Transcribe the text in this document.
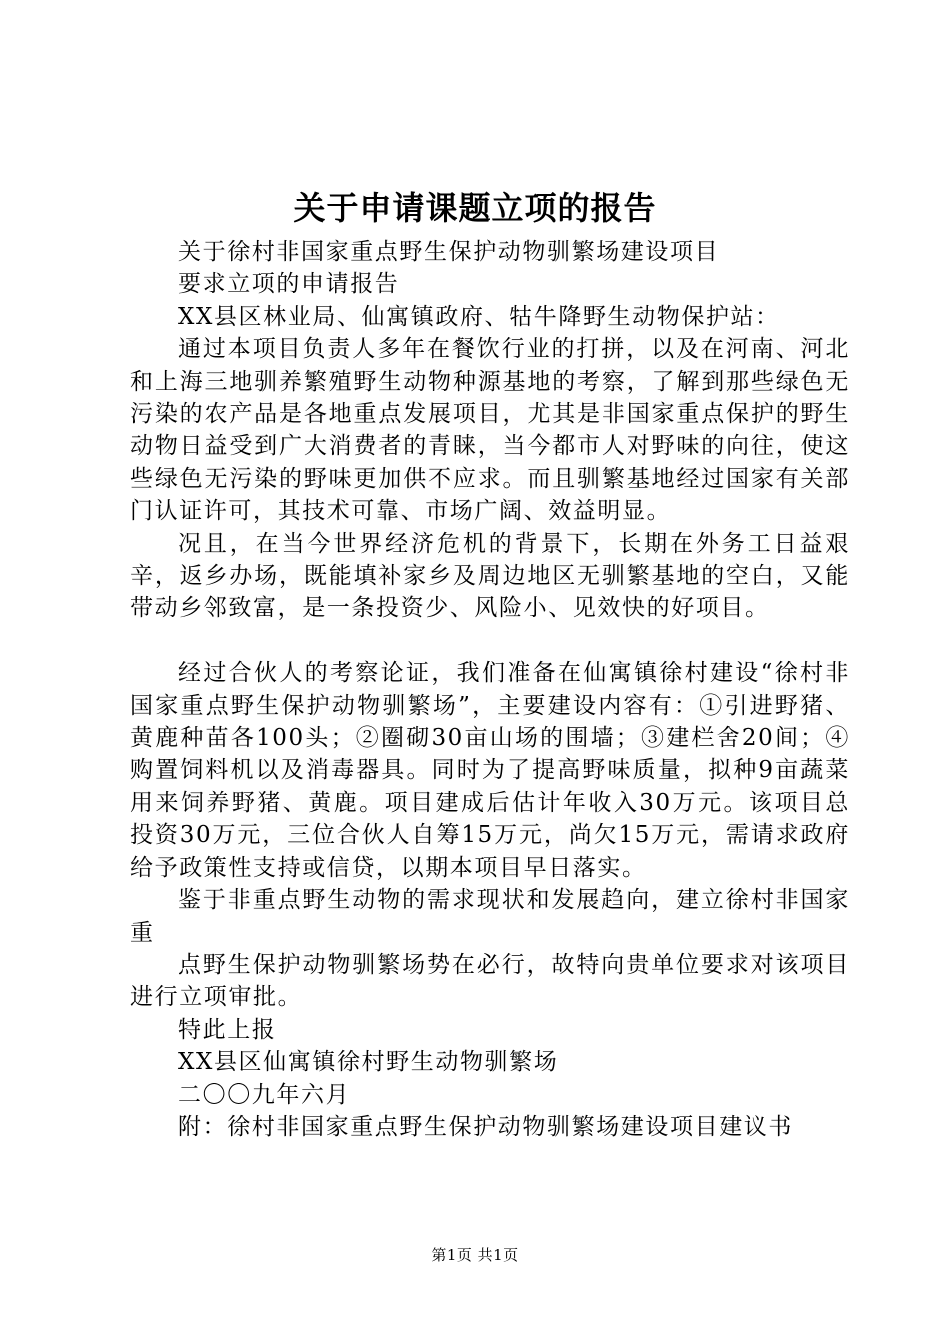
关于申请课题立项的报告

关于徐村非国家重点野生保护动物驯繁场建设项目

要求立项的申请报告

XX县区林业局、仙寓镇政府、牯牛降野生动物保护站：

通过本项目负责人多年在餐饮行业的打拼，以及在河南、河北和上海三地驯养繁殖野生动物种源基地的考察，了解到那些绿色无污染的农产品是各地重点发展项目，尤其是非国家重点保护的野生动物日益受到广大消费者的青睐，当今都市人对野味的向往，使这些绿色无污染的野味更加供不应求。而且驯繁基地经过国家有关部门认证许可，其技术可靠、市场广阔、效益明显。

况且，在当今世界经济危机的背景下，长期在外务工日益艰辛，返乡办场，既能填补家乡及周边地区无驯繁基地的空白，又能带动乡邻致富，是一条投资少、风险小、见效快的好项目。

经过合伙人的考察论证，我们准备在仙寓镇徐村建设“徐村非国家重点野生保护动物驯繁场”，主要建设内容有：①引进野猪、黄鹿种苗各100头；②圈砌30亩山场的围墙；③建栏舍20间；④购置饲料机以及消毒器具。同时为了提高野味质量，拟种9亩蔬菜用来饲养野猪、黄鹿。项目建成后估计年收入30万元。该项目总投资30万元，三位合伙人自筹15万元，尚欠15万元，需请求政府给予政策性支持或信贷，以期本项目早日落实。

鉴于非重点野生动物的需求现状和发展趋向，建立徐村非国家重

点野生保护动物驯繁场势在必行，故特向贵单位要求对该项目进行立项审批。

特此上报

XX县区仙寓镇徐村野生动物驯繁场

二〇〇九年六月

附：徐村非国家重点野生保护动物驯繁场建设项目建议书

第1页 共1页
